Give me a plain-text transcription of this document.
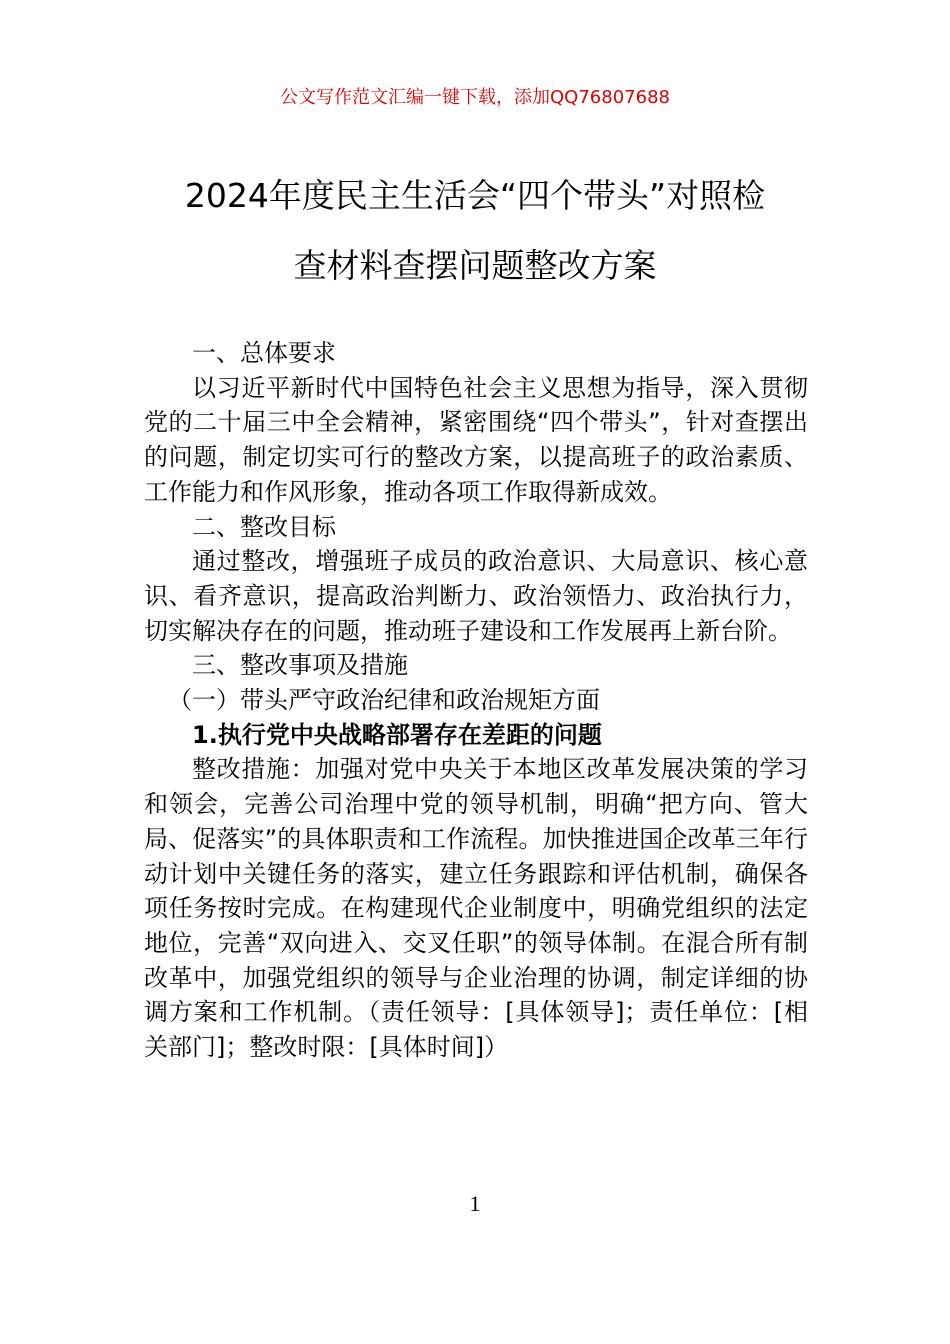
公文写作范文汇编一键下载，添加QQ76807688
2024年度民主生活会“四个带头”对照检
查材料查摆问题整改方案

一、总体要求

以习近平新时代中国特色社会主义思想为指导，深入贯彻党的二十届三中全会精神，紧密围绕“四个带头”，针对查摆出的问题，制定切实可行的整改方案，以提高班子的政治素质、工作能力和作风形象，推动各项工作取得新成效。

二、整改目标

通过整改，增强班子成员的政治意识、大局意识、核心意识、看齐意识，提高政治判断力、政治领悟力、政治执行力，切实解决存在的问题，推动班子建设和工作发展再上新台阶。

三、整改事项及措施

（一）带头严守政治纪律和政治规矩方面

1.执行党中央战略部署存在差距的问题

整改措施：加强对党中央关于本地区改革发展决策的学习和领会，完善公司治理中党的领导机制，明确“把方向、管大局、促落实”的具体职责和工作流程。加快推进国企改革三年行动计划中关键任务的落实，建立任务跟踪和评估机制，确保各项任务按时完成。在构建现代企业制度中，明确党组织的法定地位，完善“双向进入、交叉任职”的领导体制。在混合所有制改革中，加强党组织的领导与企业治理的协调，制定详细的协调方案和工作机制。（责任领导：[具体领导]；责任单位：[相关部门]；整改时限：[具体时间]）

1
